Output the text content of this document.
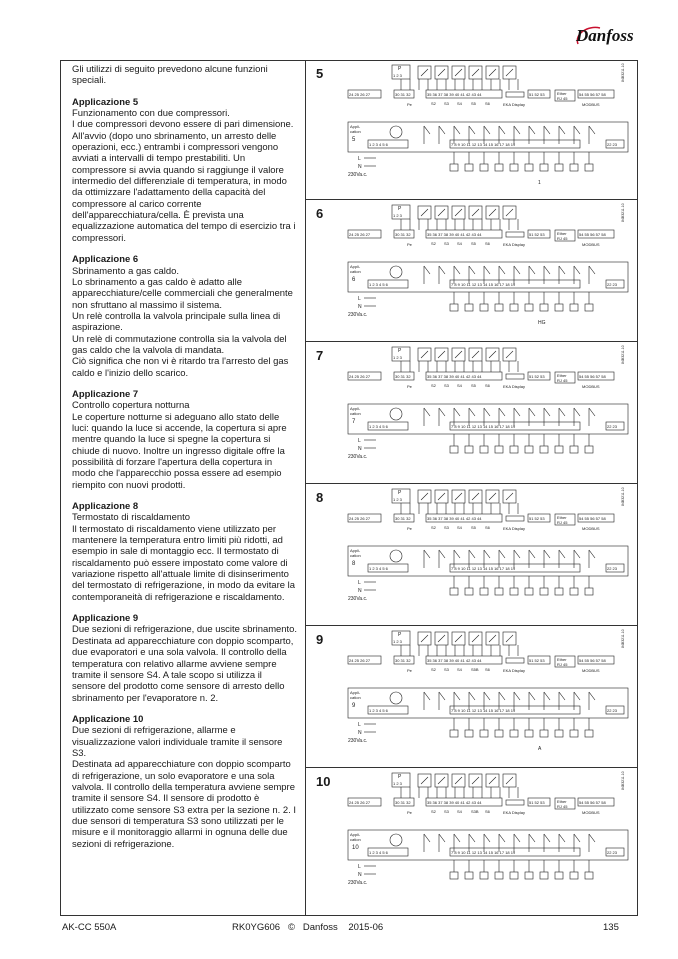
Danfoss

Gli utilizzi di seguito prevedono alcune funzioni speciali.

Applicazione 5
Funzionamento con due compressori.
I due compressori devono essere di pari dimensione. All'avvio (dopo uno sbrinamento, un arresto delle operazioni, ecc.) entrambi i compressori vengono avviati a intervalli di tempo prestabiliti. Un compressore si avvia quando si raggiunge il valore intermedio del differenziale di temperatura, in modo da ottimizzare l'adattamento della capacità del compressore al carico corrente dell'apparecchiatura/cella. È prevista una equalizzazione automatica del tempo di esercizio tra i compressori.

Applicazione 6
Sbrinamento a gas caldo.
Lo sbrinamento a gas caldo è adatto alle apparecchiature/celle commerciali che generalmente non sfruttano al massimo il sistema.
Un relè controlla la valvola principale sulla linea di aspirazione.
Un relè di commutazione controlla sia la valvola del gas caldo che la valvola di mandata.
Ciò significa che non vi è ritardo tra l'arresto del gas caldo e l'inizio dello scarico.

Applicazione 7
Controllo copertura notturna
Le coperture notturne si adeguano allo stato delle luci: quando la luce si accende, la copertura si apre mentre quando la luce si spegne la copertura si chiude di nuovo. Inoltre un ingresso digitale offre la possibilità di forzare l'apertura della copertura in modo che l'apparecchio possa essere ad esempio riempito con nuovi prodotti.

Applicazione 8
Termostato di riscaldamento
Il termostato di riscaldamento viene utilizzato per mantenere la temperatura entro limiti più ridotti, ad esempio in sale di montaggio ecc. Il termostato di riscaldamento può essere impostato come valore di variazione rispetto all'attuale limite di disinserimento del termostato di refrigerazione, in modo da evitare la contemporaneità di refrigerazione e riscaldamento.

Applicazione 9
Due sezioni di refrigerazione, due uscite sbrinamento.
Destinata ad apparecchiature con doppio scomparto, due evaporatori e una sola valvola. Il controllo della temperatura con relativo allarme avviene sempre tramite il sensore S4. A tale scopo si utilizza il sensore del prodotto come sensore di arresto dello sbrinamento per l'evaporatore n. 2.

Applicazione 10
Due sezioni di refrigerazione, allarme e visualizzazione valori individuale tramite il sensore S3.
Destinata ad apparecchiature con doppio scomparto di refrigerazione, un solo evaporatore e una sola valvola. Il controllo della temperatura avviene sempre tramite il sensore S4. Il sensore di prodotto è utilizzato come sensore S3 extra per la sezione n. 2. I due sensori di temperatura S3 sono utilizzati per le misure e il monitoraggio allarmi in ognuna delle due sezioni di refrigerazione.

5	P
1 2 3
24 25 26 27	30 31 32	35 36 37 38 39 40 41 42 43 44	51 52 53	Ether
RJ 45
54 55 56 57 58
MODBUS
EKA Display
Pe	S2 S3 S4 S5 S6
84B3211.10
Appli-
cation
5
1 2 3 4 5 6	7 8 9 10 11 12 13 14 15 16 17 18 19	22 23
L
N
230Va.c.
1
6	P
1 2 3
24 25 26 27	30 31 32	35 36 37 38 39 40 41 42 43 44	51 52 53	Ether
RJ 45
54 55 56 57 58
MODBUS
EKA Display
Pe	S2 S3 S4 S5 S6
84B3211.10
Appli-
cation
6
1 2 3 4 5 6	7 8 9 10 11 12 13 14 15 16 17 18 19	22 23
L
N
230Va.c.
HG
7	P
1 2 3
24 25 26 27	30 31 32	35 36 37 38 39 40 41 42 43 44	51 52 53	Ether
RJ 45
54 55 56 57 58
MODBUS
EKA Display
Pe	S2 S3 S4 S5 S6
84B3211.10
Appli-
cation
7
1 2 3 4 5 6	7 8 9 10 11 12 13 14 15 16 17 18 19	22 23
L
N
230Va.c.
8	P
1 2 3
24 25 26 27	30 31 32	35 36 37 38 39 40 41 42 43 44	51 52 53	Ether
RJ 45
54 55 56 57 58
MODBUS
EKA Display
Pe	S2 S3 S4 S5 S6
84B3211.10
Appli-
cation
8
1 2 3 4 5 6	7 8 9 10 11 12 13 14 15 16 17 18 19	22 23
L
N
230Va.c.
9	P
1 2 3
24 25 26 27	30 31 32	35 36 37 38 39 40 41 42 43 44	51 52 53	Ether
RJ 45
54 55 56 57 58
MODBUS
EKA Display
Pe	S2 S3 S4 S5B S6
84B3211.10
Appli-
cation
9
1 2 3 4 5 6	7 8 9 10 11 12 13 14 15 16 17 18 19	22 23
L
N
230Va.c.
A
10	P
1 2 3
24 25 26 27	30 31 32	35 36 37 38 39 40 41 42 43 44	51 52 53	Ether
RJ 45
54 55 56 57 58
MODBUS
EKA Display
Pe	S2 S3 S4 S3B S6
84B3211.10
Appli-
cation
10
1 2 3 4 5 6	7 8 9 10 11 12 13 14 15 16 17 18 19	22 23
L
N
230Va.c.
AK-CC 550A	RK0YG606 © Danfoss 2015-06	135
